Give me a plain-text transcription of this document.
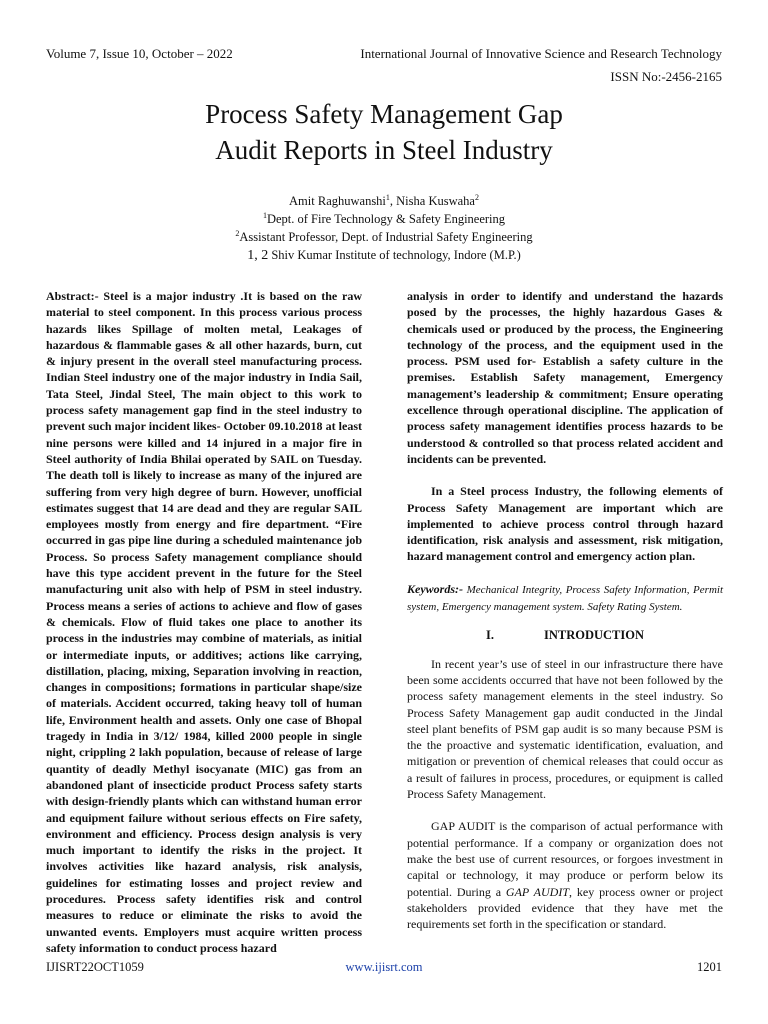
Volume 7, Issue 10, October – 2022	International Journal of Innovative Science and Research Technology
ISSN No:-2456-2165
Process Safety Management Gap
Audit Reports in Steel Industry
Amit Raghuwanshi$^1$, Nisha Kuswaha$^2$
$^1$Dept. of Fire Technology & Safety Engineering
$^2$Assistant Professor, Dept. of Industrial Safety Engineering
1, 2 Shiv Kumar Institute of technology, Indore (M.P.)

Abstract:- Steel is a major industry .It is based on the raw material to steel component. In this process various process hazards likes Spillage of molten metal, Leakages of hazardous & flammable gases & all other hazards, burn, cut & injury present in the overall steel manufacturing process. Indian Steel industry one of the major industry in India Sail, Tata Steel, Jindal Steel, The main object to this work to process safety management gap find in the steel industry to prevent such major incident likes- October 09.10.2018 at least nine persons were killed and 14 injured in a major fire in Steel authority of India Bhilai operated by SAIL on Tuesday. The death toll is likely to increase as many of the injured are suffering from very high degree of burn. However, unofficial estimates suggest that 14 are dead and they are regular SAIL employees mostly from energy and fire department. “Fire occurred in gas pipe line during a scheduled maintenance job Process. So process Safety management compliance should have this type accident prevent in the future for the Steel manufacturing unit also with help of PSM in steel industry. Process means a series of actions to achieve and flow of gases & chemicals. Flow of fluid takes one place to another its process in the industries may combine of materials, as initial or intermediate inputs, or additives; actions like carrying, distillation, placing, mixing, Separation involving in reaction, changes in compositions; formations in particular shape/size of materials. Accident occurred, taking heavy toll of human life, Environment health and assets. Only one case of Bhopal tragedy in India in 3/12/ 1984, killed 2000 people in single night, crippling 2 lakh population, because of release of large quantity of deadly Methyl isocyanate (MIC) gas from an abandoned plant of insecticide product Process safety starts with design-friendly plants which can withstand human error and equipment failure without serious effects on Fire safety, environment and efficiency. Process design analysis is very much important to identify the risks in the project. It involves activities like hazard analysis, risk analysis, guidelines for estimating losses and project review and procedures. Process safety identifies risk and control measures to reduce or eliminate the risks to avoid the unwanted events. Employers must acquire written process safety information to conduct process hazard

analysis in order to identify and understand the hazards posed by the processes, the highly hazardous Gases & chemicals used or produced by the process, the Engineering technology of the process, and the equipment used in the process. PSM used for- Establish a safety culture in the premises. Establish Safety management, Emergency management’s leadership & commitment; Ensure operating excellence through operational discipline. The application of process safety management identifies process hazards to be understood & controlled so that process related accident and incidents can be prevented.

In a Steel process Industry, the following elements of Process Safety Management are important which are implemented to achieve process control through hazard identification, risk analysis and assessment, risk mitigation, hazard management control and emergency action plan.

Keywords:- Mechanical Integrity, Process Safety Information, Permit system, Emergency management system. Safety Rating System.

I.	INTRODUCTION

In recent year’s use of steel in our infrastructure there have been some accidents occurred that have not been followed by the process safety management elements in the steel industry. So Process Safety Management gap audit conducted in the Jindal steel plant benefits of PSM gap audit is so many because PSM is the the proactive and systematic identification, evaluation, and mitigation or prevention of chemical releases that could occur as a result of failures in process, procedures, or equipment is called Process Safety Management.

GAP AUDIT is the comparison of actual performance with potential performance. If a company or organization does not make the best use of current resources, or forgoes investment in capital or technology, it may produce or perform below its potential. During a GAP AUDIT, key process owner or project stakeholders provided evidence that they have met the requirements set forth in the specification or standard.

IJISRT22OCT1059	www.ijisrt.com	1201
